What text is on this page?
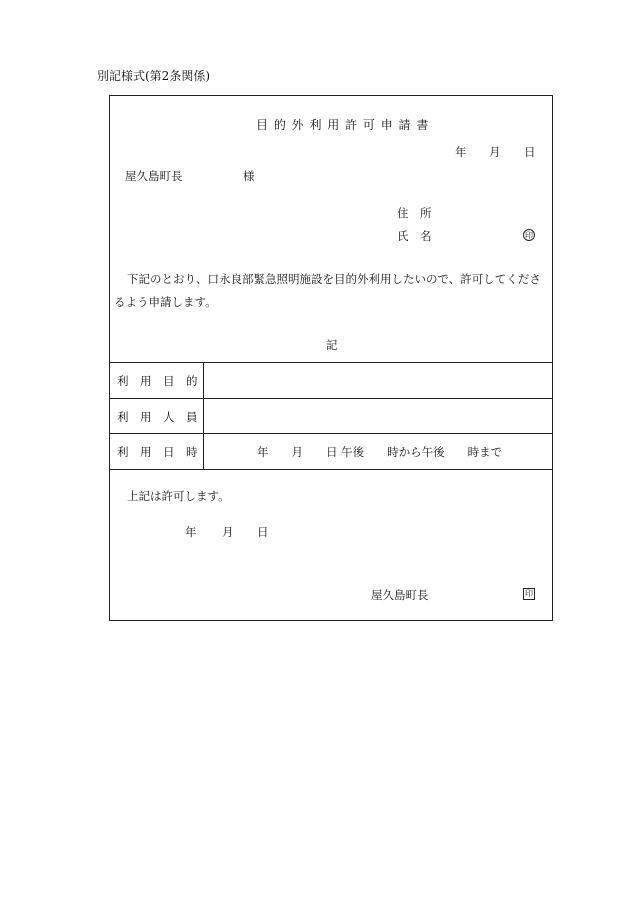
別記様式(第2条関係)
目 的 外 利 用 許 可 申 請 書
年 月 日
屋久島町長	様
住　所
氏　名	印
下記のとおり、口永良部緊急照明施設を目的外利用したいので、許可してくださ
るよう申請します。
記
利　用　目　的
利　用　人　員
利　用　日　時	年　　月　　日 午後　　時から午後　　時まで
上記は許可します。
年 月 日
屋久島町長	印
